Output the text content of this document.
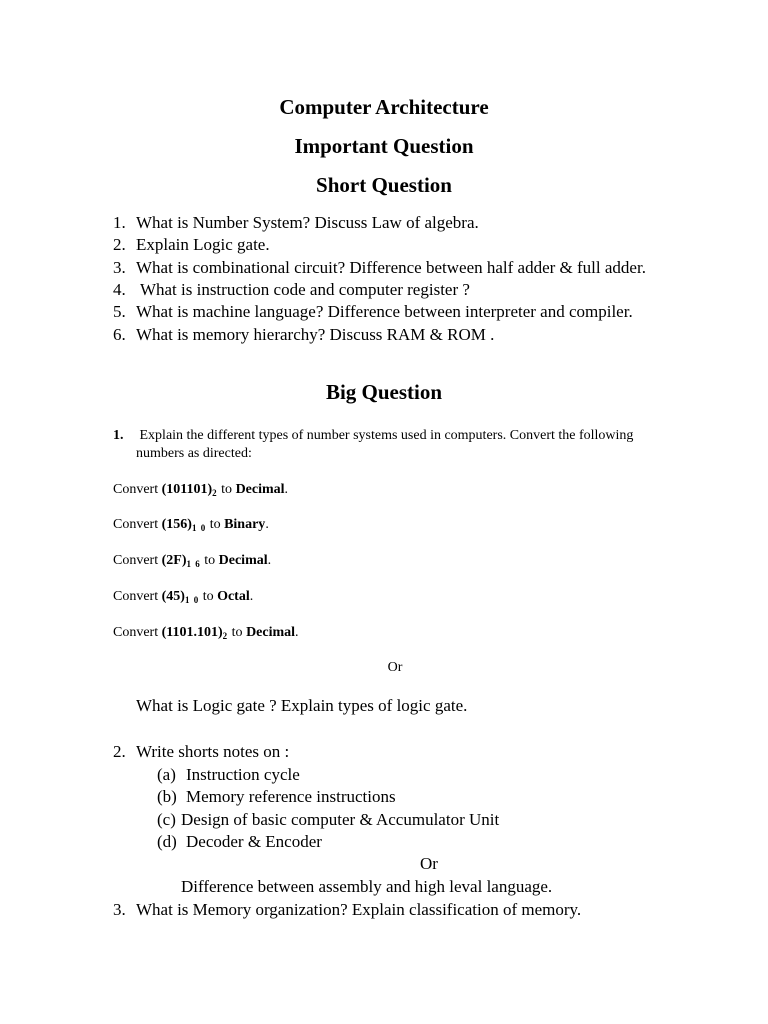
Computer Architecture
Important Question
Short Question
1. What is Number System? Discuss Law of algebra.
2. Explain Logic gate.
3. What is combinational circuit? Difference between half adder & full adder.
4. What is instruction code and computer register ?
5. What is machine language? Difference between interpreter and compiler.
6. What is memory hierarchy? Discuss RAM & ROM .
Big Question
1. Explain the different types of number systems used in computers. Convert the following
numbers as directed:
Convert $(101101)_2$ to Decimal.
Convert $(156)_{1 0}$ to Binary.
Convert $(2F)_{1 6}$ to Decimal.
Convert $(45)_{1 0}$ to Octal.
Convert $(1101.101)_2$ to Decimal.
Or
What is Logic gate ? Explain types of logic gate.
2. Write shorts notes on :
(a) Instruction cycle
(b) Memory reference instructions
(c) Design of basic computer & Accumulator Unit
(d) Decoder & Encoder
Or
Difference between assembly and high leval language.
3. What is Memory organization? Explain classification of memory.
